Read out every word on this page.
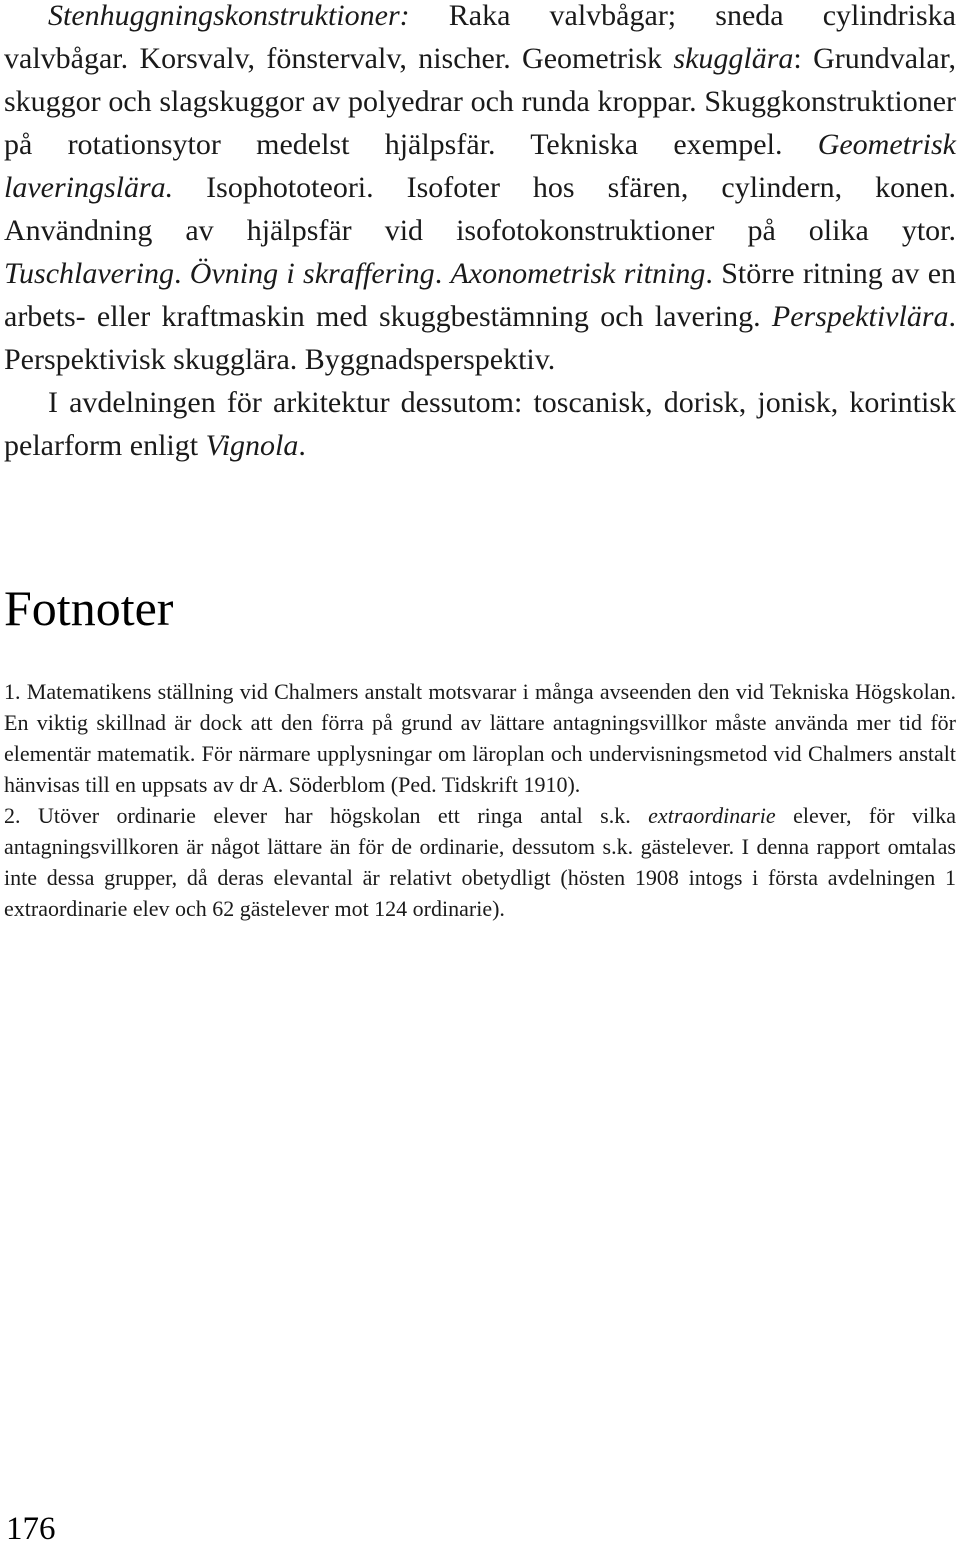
Stenhuggningskonstruktioner: Raka valvbågar; sneda cylindriska valvbågar. Korsvalv, fönstervalv, nischer. Geometrisk skugglära: Grundvalar, skuggor och slagskuggor av polyedrar och runda kroppar. Skuggkonstruktioner på rotationsytor medelst hjälpsfär. Tekniska exempel. Geometrisk laveringslära. Isophototeori. Isofoter hos sfären, cylindern, konen. Användning av hjälpsfär vid isofotokonstruktioner på olika ytor. Tuschlavering. Övning i skraffering. Axonometrisk ritning. Större ritning av en arbets- eller kraftmaskin med skuggbestämning och lavering. Perspektivlära. Perspektivisk skugglära. Byggnadsperspektiv.

I avdelningen för arkitektur dessutom: toscanisk, dorisk, jonisk, korintisk pelarform enligt Vignola.

Fotnoter

1. Matematikens ställning vid Chalmers anstalt motsvarar i många avseenden den vid Tekniska Högskolan. En viktig skillnad är dock att den förra på grund av lättare antagningsvillkor måste använda mer tid för elementär matematik. För närmare upplysningar om läroplan och undervisningsmetod vid Chalmers anstalt hänvisas till en uppsats av dr A. Söderblom (Ped. Tidskrift 1910).

2. Utöver ordinarie elever har högskolan ett ringa antal s.k. extraordinarie elever, för vilka antagningsvillkoren är något lättare än för de ordinarie, dessutom s.k. gästelever. I denna rapport omtalas inte dessa grupper, då deras elevantal är relativt obetydligt (hösten 1908 intogs i första avdelningen 1 extraordinarie elev och 62 gästelever mot 124 ordinarie).

176
